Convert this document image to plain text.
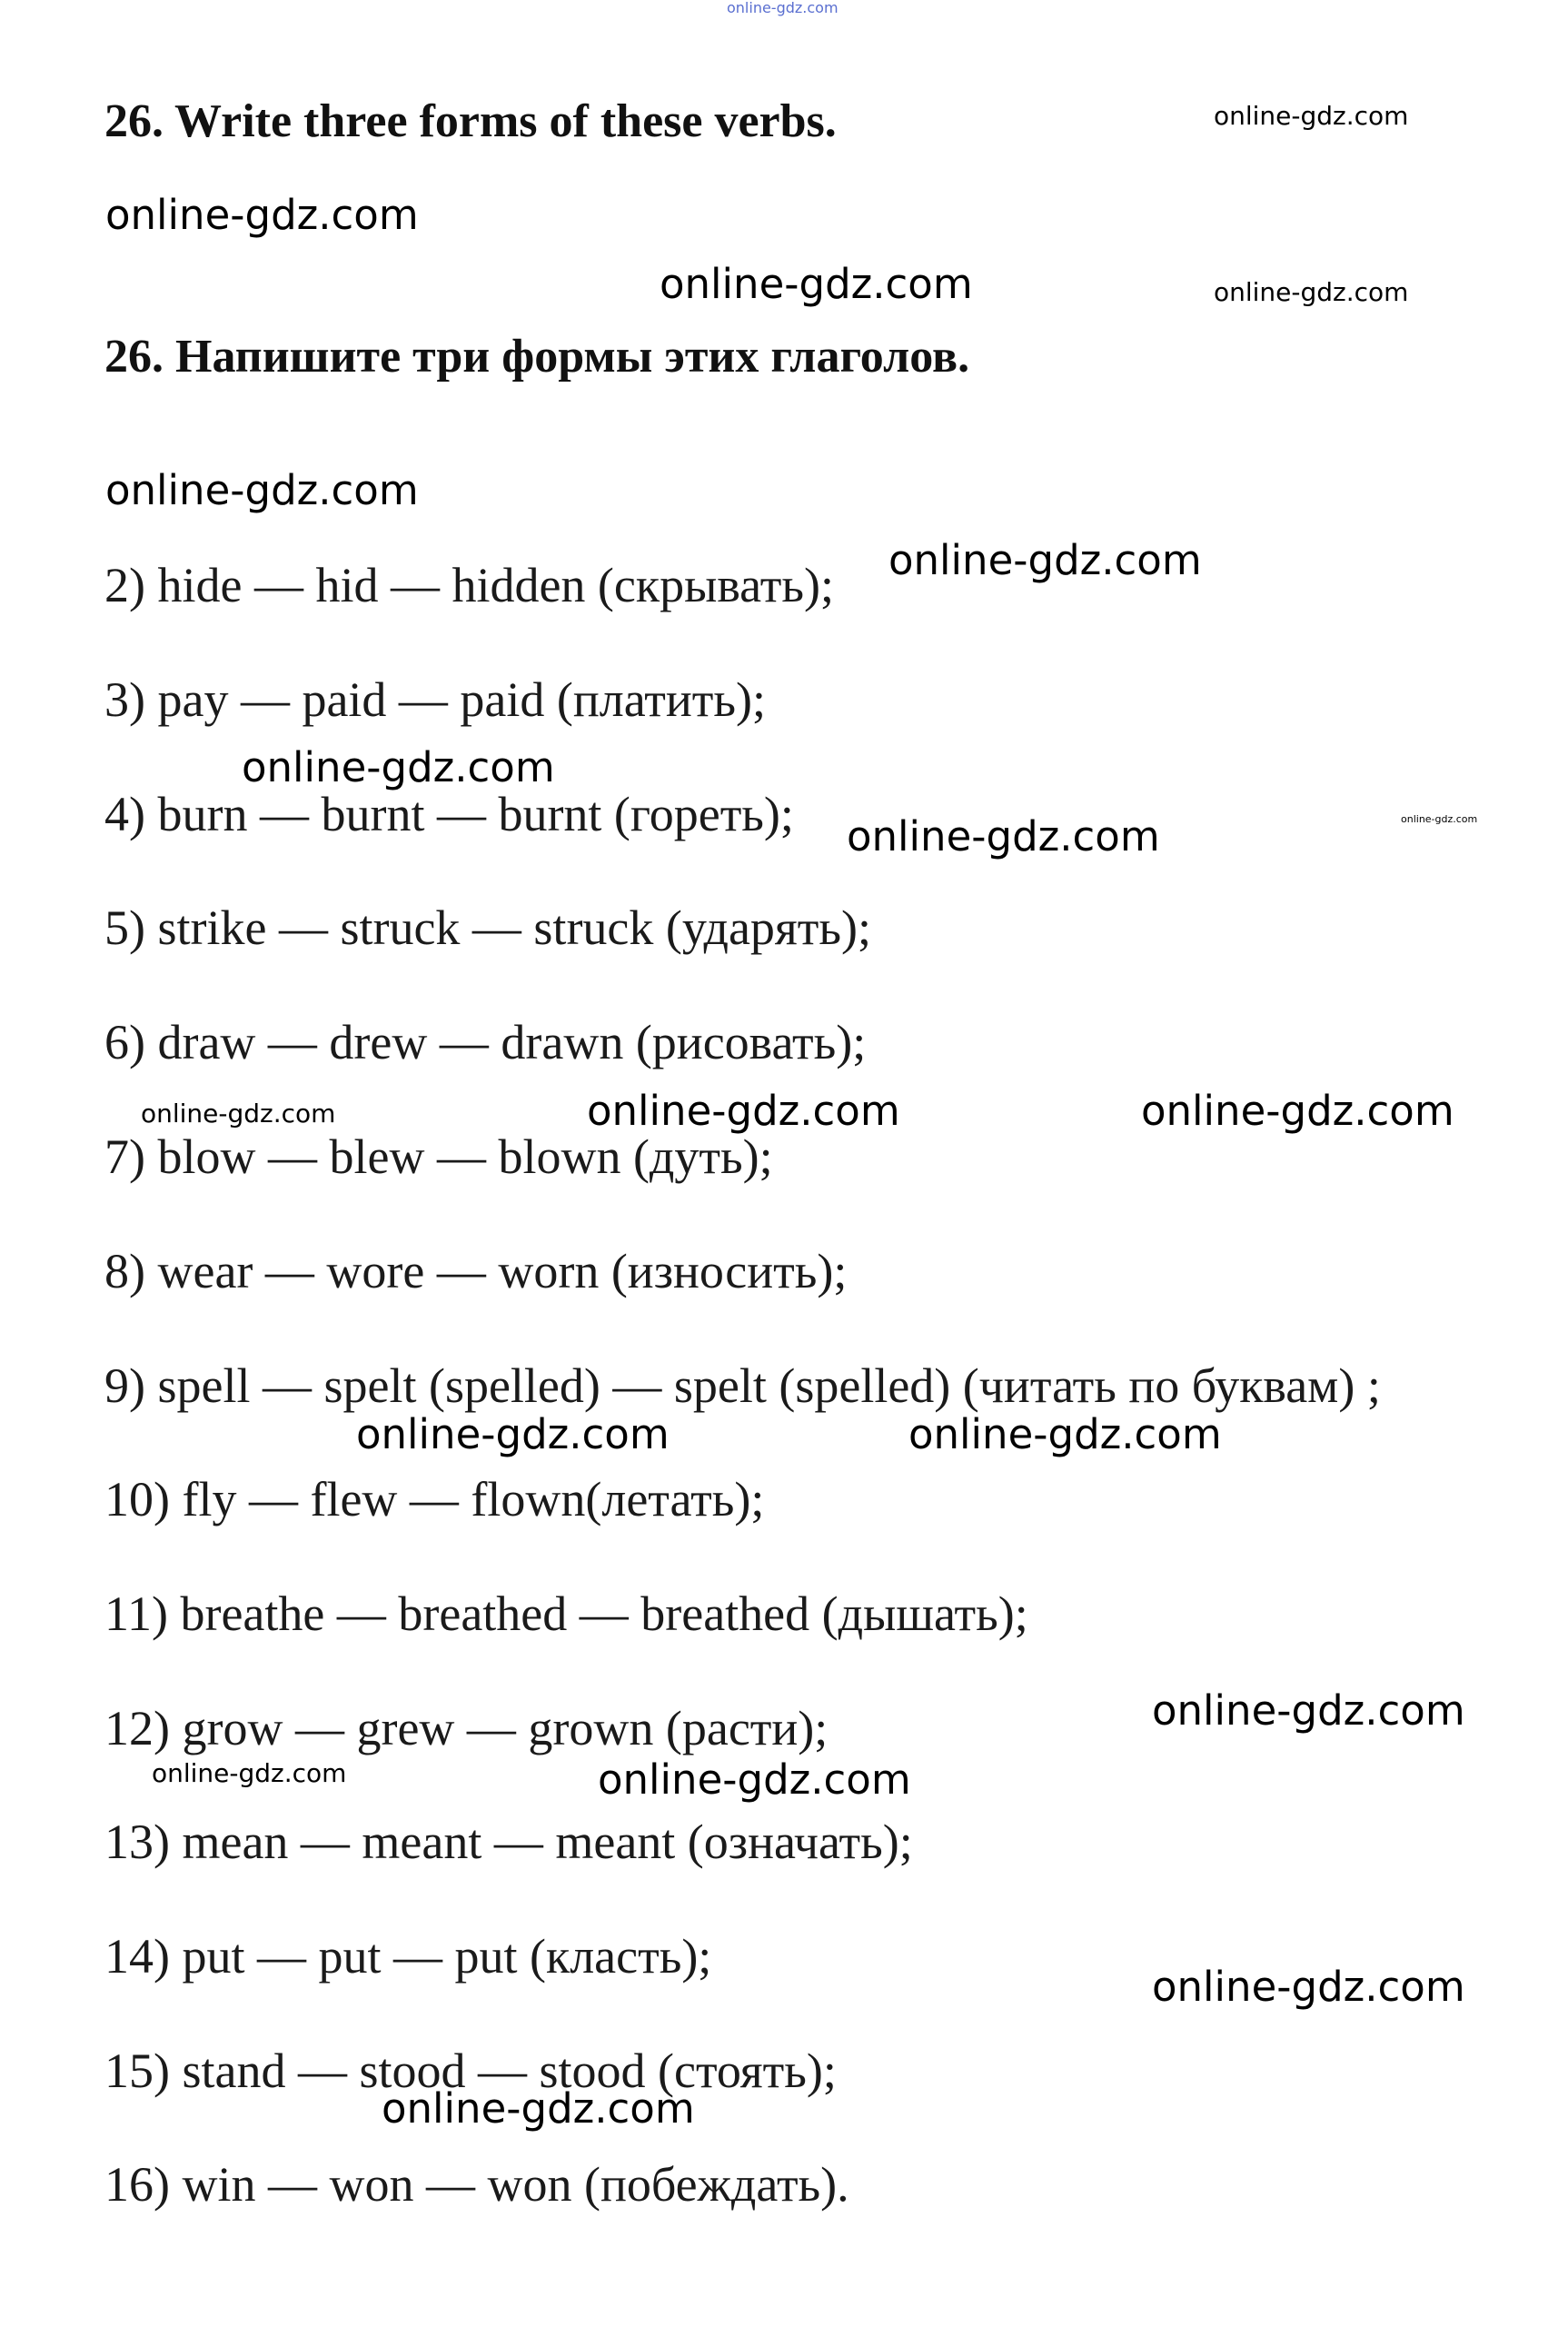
26. Write three forms of these verbs.
26. Напишите три формы этих глаголов.
2) hide — hid — hidden (скрывать);
3) pay — paid — paid (платить);
4) burn — burnt — burnt (гореть);
5) strike — struck — struck (ударять);
6) draw — drew — drawn (рисовать);
7) blow — blew — blown (дуть);
8) wear — wore — worn (износить);
9) spell — spelt (spelled) — spelt (spelled) (читать по буквам) ;
10) fly — flew — flown(летать);
11) breathe — breathed — breathed (дышать);
12) grow — grew — grown (расти);
13) mean — meant — meant (означать);
14) put — put — put (класть);
15) stand — stood — stood (стоять);
16) win — won — won (побеждать).
online-gdz.com
online-gdz.com
online-gdz.com
online-gdz.com	online-gdz.com
online-gdz.com
online-gdz.com
online-gdz.com
online-gdz.com	online-gdz.com
online-gdz.com	online-gdz.com	online-gdz.com
online-gdz.com	online-gdz.com
online-gdz.com
online-gdz.com	online-gdz.com
online-gdz.com
online-gdz.com
